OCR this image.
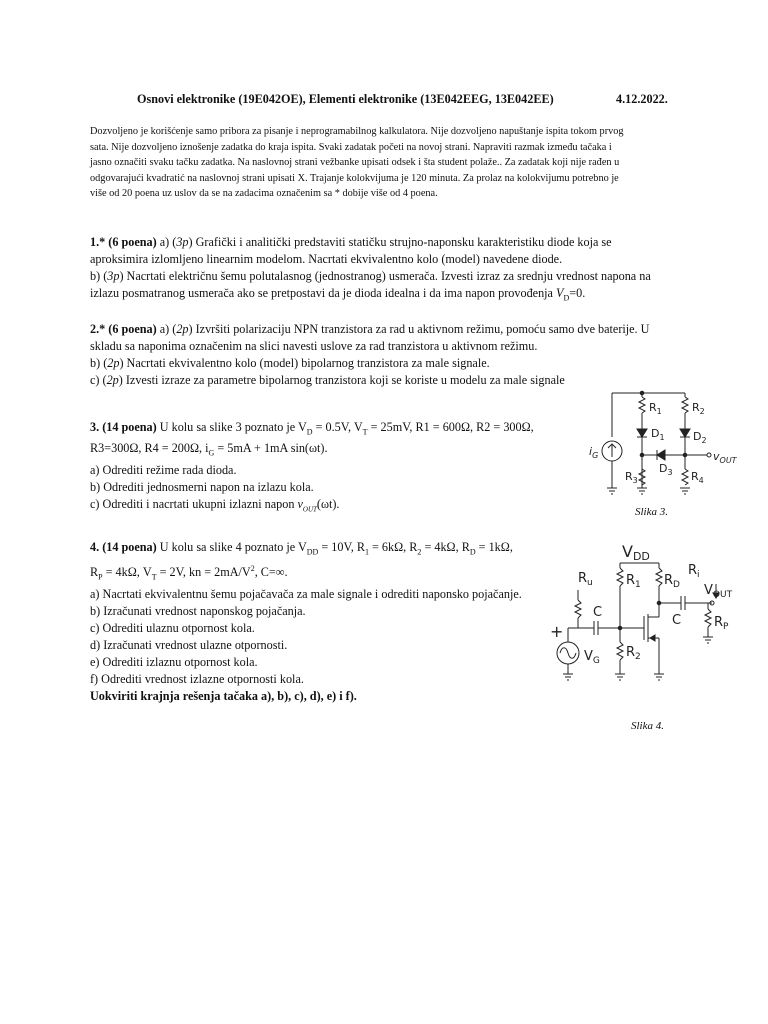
Osnovi elektronike (19E042OE), Elementi elektronike (13E042EEG, 13E042EE)	4.12.2022.
Dozvoljeno je korišćenje samo pribora za pisanje i neprogramabilnog kalkulatora. Nije dozvoljeno napuštanje ispita tokom prvog
sata. Nije dozvoljeno iznošenje zadatka do kraja ispita. Svaki zadatak početi na novoj strani. Napraviti razmak između tačaka i
jasno označiti svaku tačku zadatka. Na naslovnoj strani vežbanke upisati odsek i šta student polaže.. Za zadatak koji nije rađen u
odgovarajući kvadratić na naslovnoj strani upisati X. Trajanje kolokvijuma je 120 minuta. Za prolaz na kolokvijumu potrebno je
više od 20 poena uz uslov da se na zadacima označenim sa * dobije više od 4 poena.
1.* (6 poena) a) (3p) Grafički i analitički predstaviti statičku strujno-naponsku karakteristiku diode koja se
aproksimira izlomljeno linearnim modelom. Nacrtati ekvivalentno kolo (model) navedene diode.
b) (3p) Nacrtati električnu šemu polutalasnog (jednostranog) usmerača. Izvesti izraz za srednju vrednost napona na
izlazu posmatranog usmerača ako se pretpostavi da je dioda idealna i da ima napon provođenja $V_D=0$.
2.* (6 poena) a) (2p) Izvršiti polarizaciju NPN tranzistora za rad u aktivnom režimu, pomoću samo dve baterije. U
skladu sa naponima označenim na slici navesti uslove za rad tranzistora u aktivnom režimu.
b) (2p) Nacrtati ekvivalentno kolo (model) bipolarnog tranzistora za male signale.
c) (2p) Izvesti izraze za parametre bipolarnog tranzistora koji se koriste u modelu za male signale
3. (14 poena) U kolu sa slike 3 poznato je $V_D = 0.5V$, $V_T = 25mV$, R1 = 600Ω, R2 = 300Ω,
R3=300Ω, R4 = 200Ω, $i_G = 5mA + 1mA$ sin(ωt).
a) Odrediti režime rada dioda.
b) Odrediti jednosmerni napon na izlazu kola.
c) Odrediti i nacrtati ukupni izlazni napon $v_{OUT}(\omega t)$.
4. (14 poena) U kolu sa slike 4 poznato je $V_{DD} = 10V$, $R_1 = 6k\Omega$, $R_2 = 4k\Omega$, $R_D = 1k\Omega$,
$R_P = 4k\Omega$, $V_T = 2V$, kn = $2mA/V^2$, C=∞.
a) Nacrtati ekvivalentnu šemu pojačavača za male signale i odrediti naponsko pojačanje.
b) Izračunati vrednost naponskog pojačanja.
c) Odrediti ulaznu otpornost kola.
d) Izračunati vrednost ulazne otpornosti.
e) Odrediti izlaznu otpornost kola.
f) Odrediti vrednost izlazne otpornosti kola.
Uokviriti krajnja rešenja tačaka a), b), c), d), e) i f).
$R_1$	$R_2$
$D_1$	$D_2$
$D_3$
$i_G$
$R_3$	$R_4$
$v_{OUT}$
Slika 3.
VDD
$R_u$	$R_1$ $R_D$
$R_i$
$V_{OUT}$
C
C	$R_P$
$V_G$
$R_2$
+
Slika 4.
